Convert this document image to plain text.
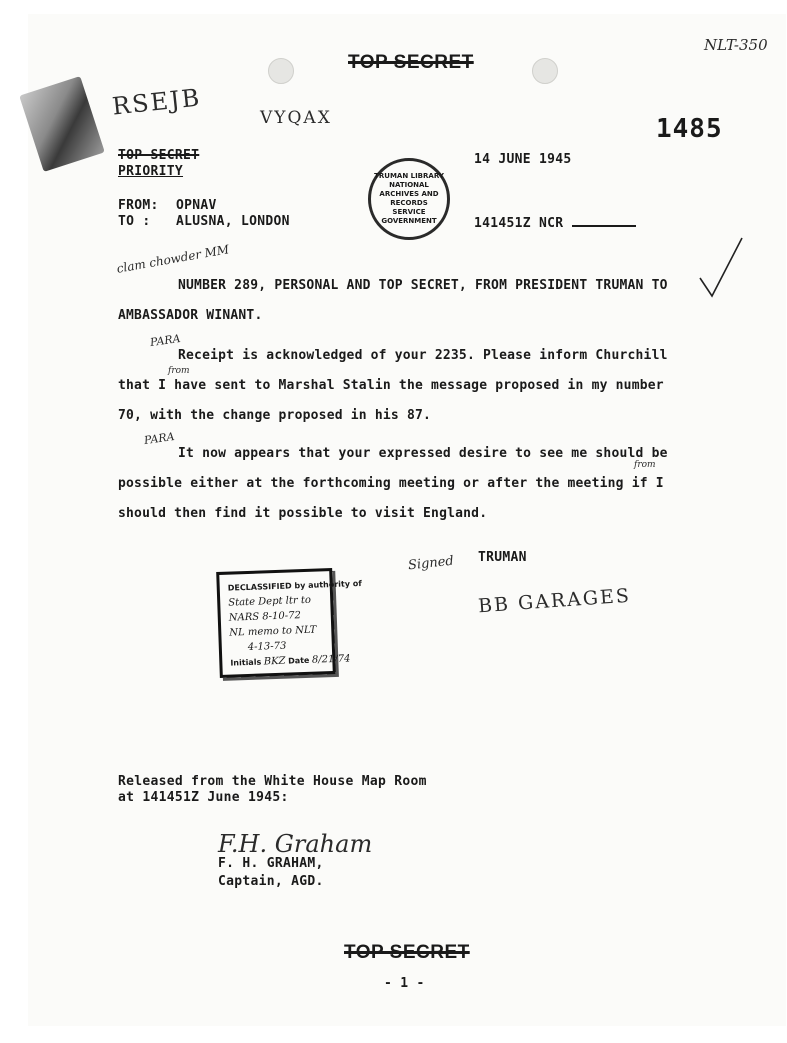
TOP SECRET
NLT-350
RSEJB	VYQAX	1485
TOP SECRET
PRIORITY
FROM: OPNAV
TO : ALUSNA, LONDON
clam chowder MM
TRUMAN LIBRARY
NATIONAL
ARCHIVES AND
RECORDS
SERVICE
GOVERNMENT
14 JUNE 1945
141451Z NCR
NUMBER 289, PERSONAL AND TOP SECRET, FROM PRESIDENT TRUMAN TO
AMBASSADOR WINANT.
PARA
Receipt is acknowledged of your 2235. Please inform Churchill
from
that I have sent to Marshal Stalin the message proposed in my number
70, with the change proposed in his 87.
PARA
It now appears that your expressed desire to see me should be
from
possible either at the forthcoming meeting or after the meeting if I
should then find it possible to visit England.
Signed TRUMAN
BB GARAGES
DECLASSIFIED by authority of
State Dept ltr to
NARS 8-10-72
NL memo to NLT
4-13-73
Initials BKZ Date 8/21/74
Released from the White House Map Room
at 141451Z June 1945:
F.H. Graham
F. H. GRAHAM,
Captain, AGD.
TOP SECRET
- 1 -
